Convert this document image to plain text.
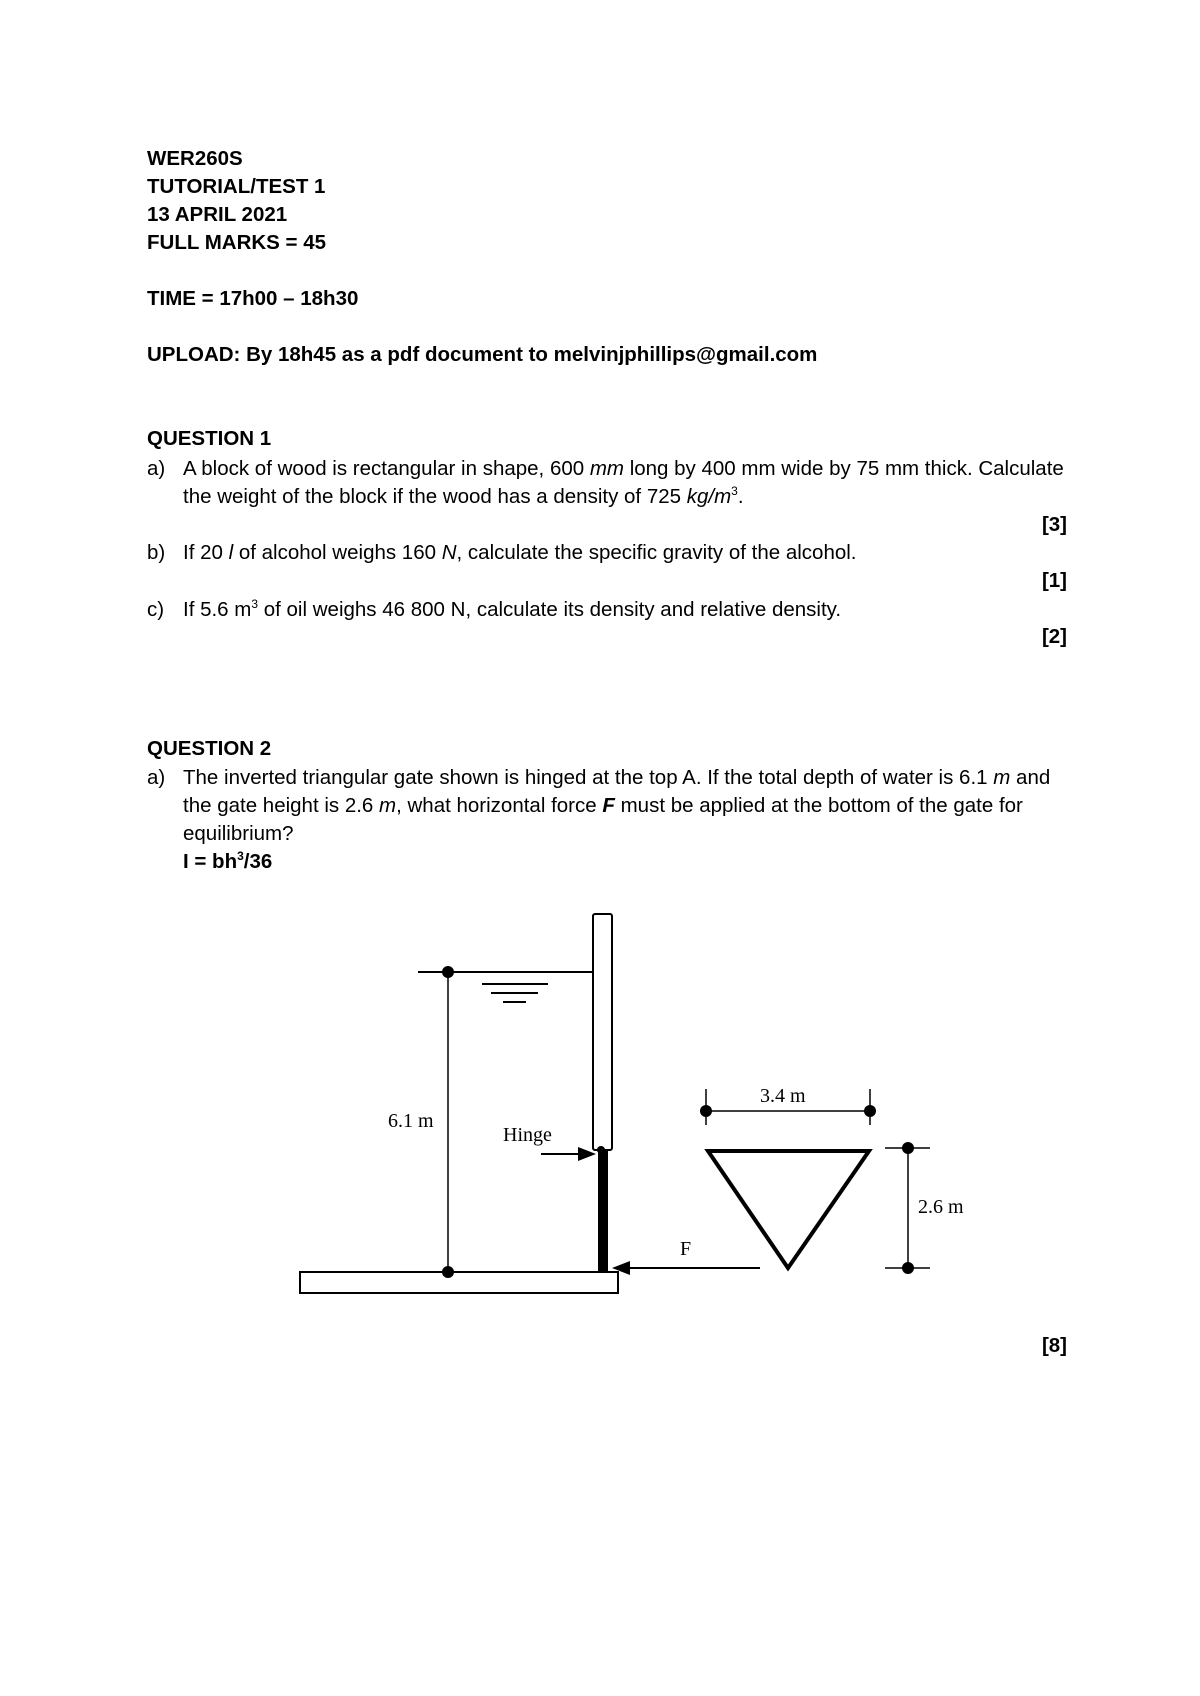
WER260S
TUTORIAL/TEST 1
13 APRIL 2021
FULL MARKS = 45
TIME = 17h00 – 18h30
UPLOAD: By 18h45 as a pdf document to melvinjphillips@gmail.com
QUESTION 1
a) A block of wood is rectangular in shape, 600 mm long by 400 mm wide by 75 mm thick. Calculate the weight of the block if the wood has a density of 725 $kg/m^3$.
[3]
b) If 20 l of alcohol weighs 160 N, calculate the specific gravity of the alcohol.
[1]
c) If 5.6 $m^3$ of oil weighs 46 800 N, calculate its density and relative density.
[2]
QUESTION 2
a) The inverted triangular gate shown is hinged at the top A. If the total depth of water is 6.1 m and the gate height is 2.6 m, what horizontal force F must be applied at the bottom of the gate for equilibrium?
$I = bh^3/36$
6.1 m
Hinge
F
3.4 m
2.6 m
[8]
